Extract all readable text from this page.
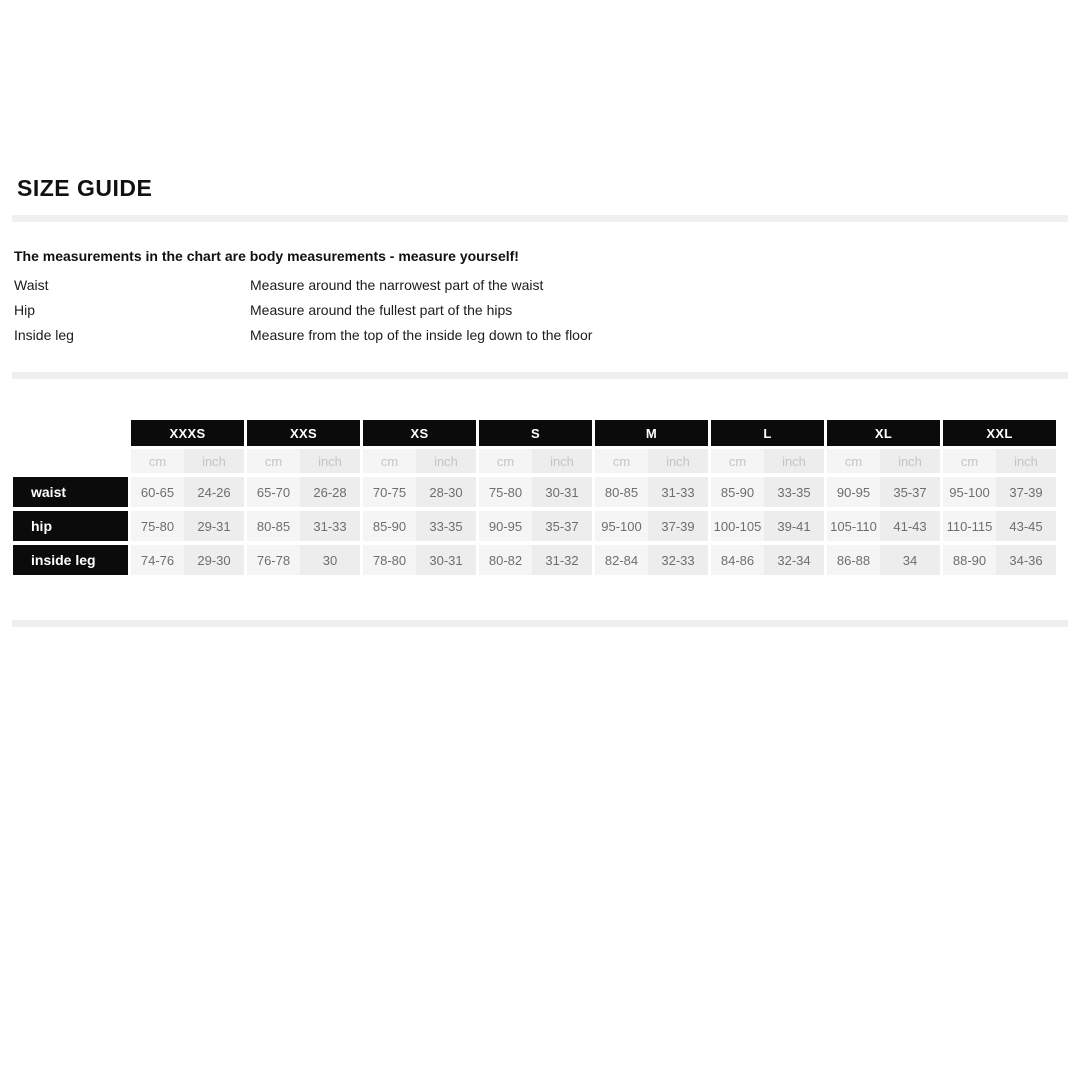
SIZE GUIDE

The measurements in the chart are body measurements - measure yourself!

Waist	Measure around the narrowest part of the waist
Hip	Measure around the fullest part of the hips
Inside leg	Measure from the top of the inside leg down to the floor
XXXS	XXS	XS	S	M	L	XL	XXL
cm	inch	cm	inch	cm	inch	cm	inch	cm	inch	cm	inch	cm	inch	cm	inch
waist	60-65	24-26	65-70	26-28	70-75	28-30	75-80	30-31	80-85	31-33	85-90	33-35	90-95	35-37	95-100	37-39
hip	75-80	29-31	80-85	31-33	85-90	33-35	90-95	35-37	95-100	37-39	100-105	39-41	105-110	41-43	110-115	43-45
inside leg	74-76	29-30	76-78	30	78-80	30-31	80-82	31-32	82-84	32-33	84-86	32-34	86-88	34	88-90	34-36
